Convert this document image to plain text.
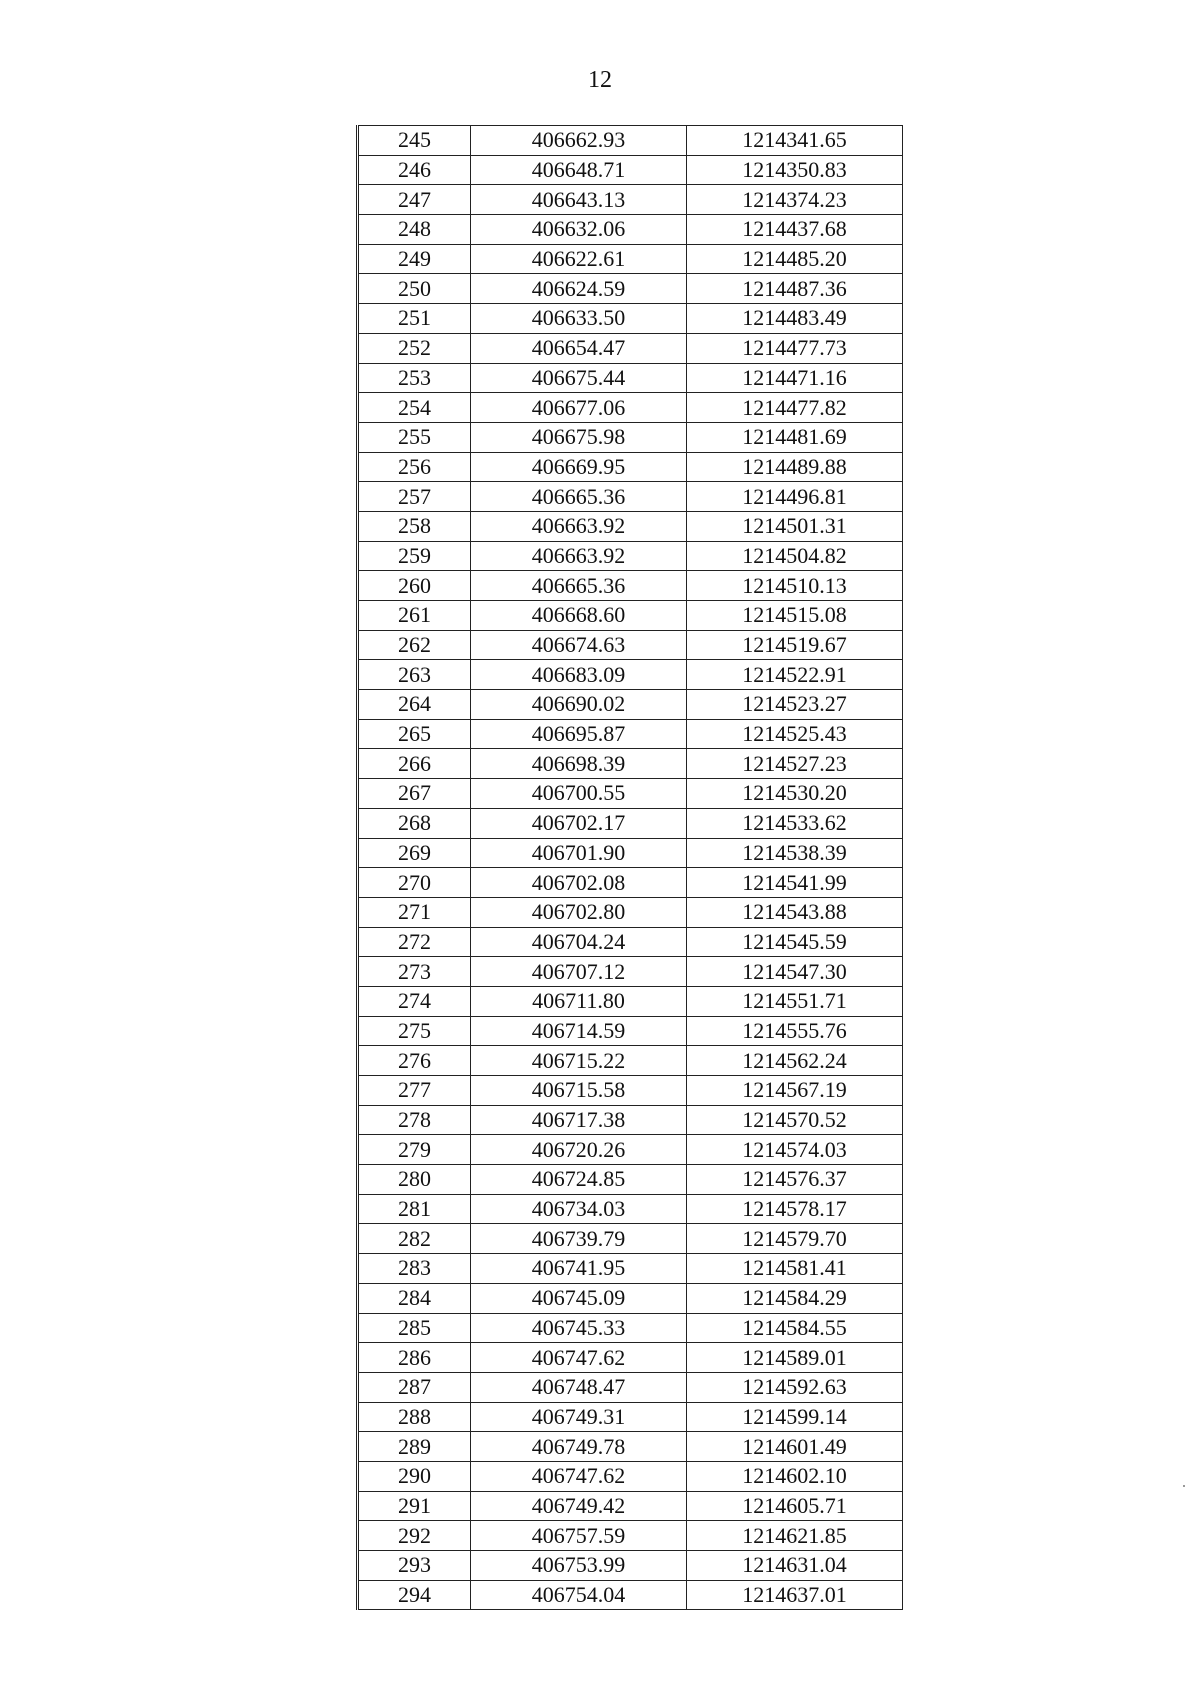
12
245	406662.93	1214341.65
246	406648.71	1214350.83
247	406643.13	1214374.23
248	406632.06	1214437.68
249	406622.61	1214485.20
250	406624.59	1214487.36
251	406633.50	1214483.49
252	406654.47	1214477.73
253	406675.44	1214471.16
254	406677.06	1214477.82
255	406675.98	1214481.69
256	406669.95	1214489.88
257	406665.36	1214496.81
258	406663.92	1214501.31
259	406663.92	1214504.82
260	406665.36	1214510.13
261	406668.60	1214515.08
262	406674.63	1214519.67
263	406683.09	1214522.91
264	406690.02	1214523.27
265	406695.87	1214525.43
266	406698.39	1214527.23
267	406700.55	1214530.20
268	406702.17	1214533.62
269	406701.90	1214538.39
270	406702.08	1214541.99
271	406702.80	1214543.88
272	406704.24	1214545.59
273	406707.12	1214547.30
274	406711.80	1214551.71
275	406714.59	1214555.76
276	406715.22	1214562.24
277	406715.58	1214567.19
278	406717.38	1214570.52
279	406720.26	1214574.03
280	406724.85	1214576.37
281	406734.03	1214578.17
282	406739.79	1214579.70
283	406741.95	1214581.41
284	406745.09	1214584.29
285	406745.33	1214584.55
286	406747.62	1214589.01
287	406748.47	1214592.63
288	406749.31	1214599.14
289	406749.78	1214601.49
290	406747.62	1214602.10
291	406749.42	1214605.71
292	406757.59	1214621.85
293	406753.99	1214631.04
294	406754.04	1214637.01
